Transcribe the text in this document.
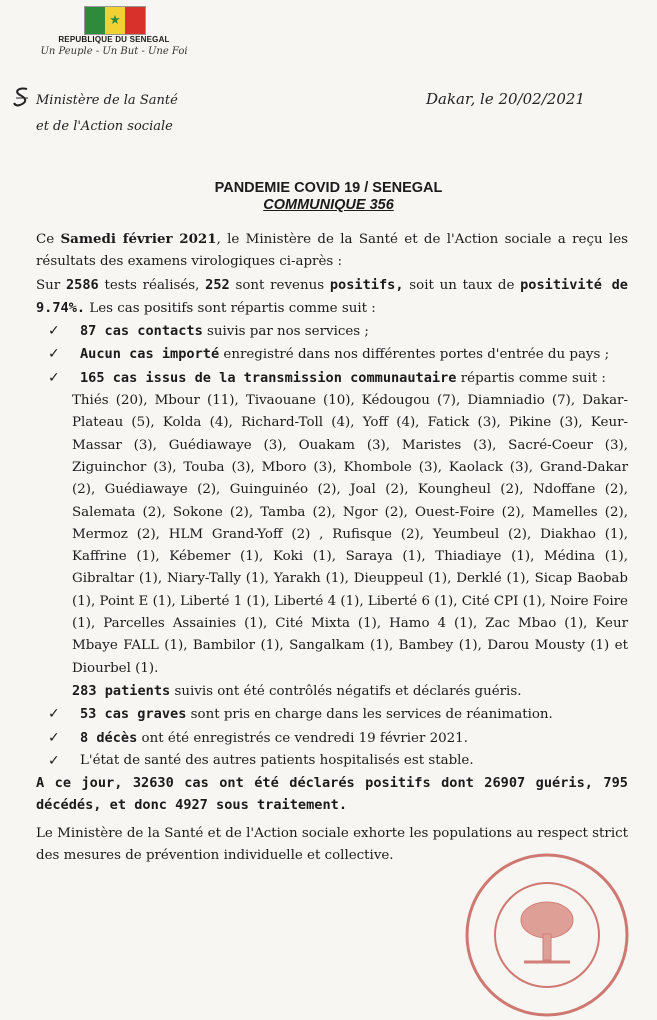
★
REPUBLIQUE DU SENEGAL
Un Peuple - Un But - Une Foi
Ministère de la Santé
et de l'Action sociale
Dakar, le 20/02/2021
PANDEMIE COVID 19 / SENEGAL
COMMUNIQUE 356

Ce Samedi février 2021, le Ministère de la Santé et de l'Action sociale a reçu les résultats des examens virologiques ci-après :

Sur 2586 tests réalisés, 252 sont revenus positifs, soit un taux de positivité de 9.74%. Les cas positifs sont répartis comme suit :

✓ 87 cas contacts suivis par nos services ;

✓ Aucun cas importé enregistré dans nos différentes portes d'entrée du pays ;

✓ 165 cas issus de la transmission communautaire répartis comme suit :

Thiés (20), Mbour (11), Tivaouane (10), Kédougou (7), Diamniadio (7), Dakar-Plateau (5), Kolda (4), Richard-Toll (4), Yoff (4), Fatick (3), Pikine (3), Keur-Massar (3), Guédiawaye (3), Ouakam (3), Maristes (3), Sacré-Coeur (3), Ziguinchor (3), Touba (3), Mboro (3), Khombole (3), Kaolack (3), Grand-Dakar (2), Guédiawaye (2), Guinguinéo (2), Joal (2), Koungheul (2), Ndoffane (2), Salemata (2), Sokone (2), Tamba (2), Ngor (2), Ouest-Foire (2), Mamelles (2), Mermoz (2), HLM Grand-Yoff (2) , Rufisque (2), Yeumbeul (2), Diakhao (1), Kaffrine (1), Kébemer (1), Koki (1), Saraya (1), Thiadiaye (1), Médina (1), Gibraltar (1), Niary-Tally (1), Yarakh (1), Dieuppeul (1), Derklé (1), Sicap Baobab (1), Point E (1), Liberté 1 (1), Liberté 4 (1), Liberté 6 (1), Cité CPI (1), Noire Foire (1), Parcelles Assainies (1), Cité Mixta (1), Hamo 4 (1), Zac Mbao (1), Keur Mbaye FALL (1), Bambilor (1), Sangalkam (1), Bambey (1), Darou Mousty (1) et Diourbel (1).

283 patients suivis ont été contrôlés négatifs et déclarés guéris.

✓ 53 cas graves sont pris en charge dans les services de réanimation.

✓ 8 décès ont été enregistrés ce vendredi 19 février 2021.

✓ L'état de santé des autres patients hospitalisés est stable.

A ce jour, 32630 cas ont été déclarés positifs dont 26907 guéris, 795 décédés, et donc 4927 sous traitement.

Le Ministère de la Santé et de l'Action sociale exhorte les populations au respect strict des mesures de prévention individuelle et collective.
